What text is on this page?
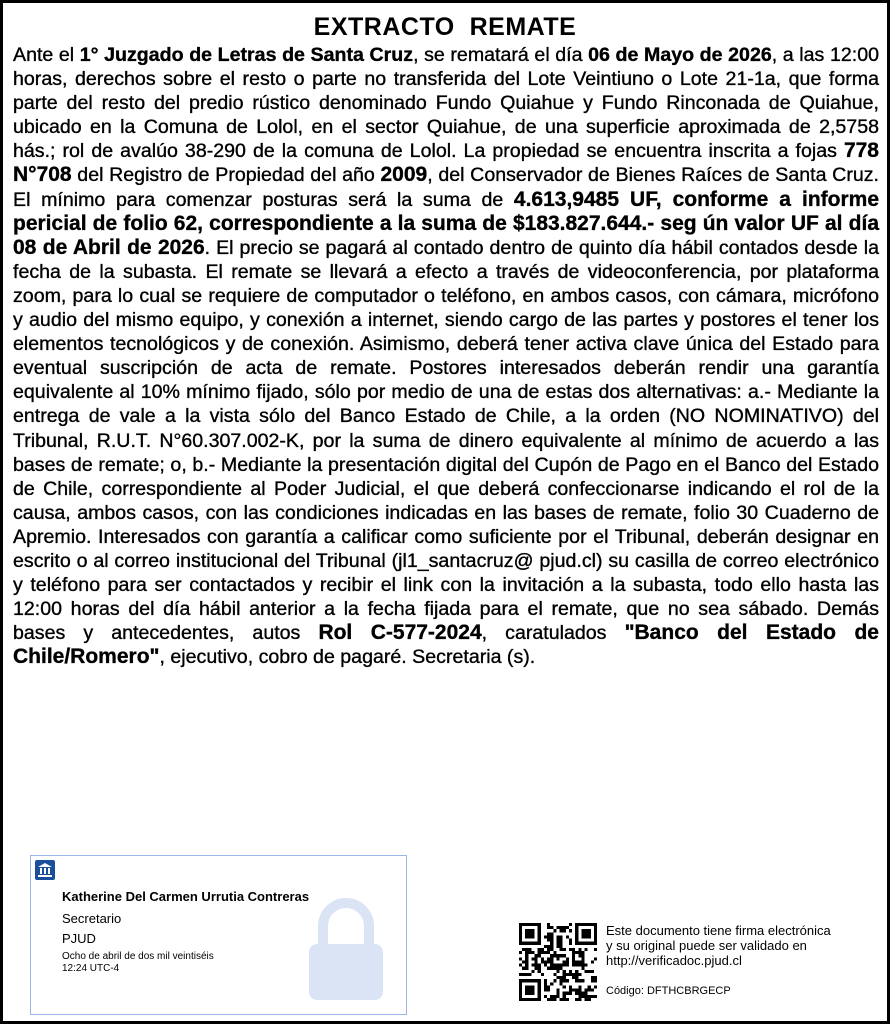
EXTRACTO  REMATE
Ante el 1° Juzgado de Letras de Santa Cruz, se rematará el día 06 de Mayo de 2026, a las 12:00 horas, derechos sobre el resto o parte no transferida del Lote Veintiuno o Lote 21-1a, que forma parte del resto del predio rústico denominado Fundo Quiahue y Fundo Rinconada de Quiahue, ubicado en la Comuna de Lolol, en el sector Quiahue, de una superficie aproximada de 2,5758 hás.; rol de avalúo 38-290 de la comuna de Lolol. La propiedad se encuentra inscrita a fojas 778 N°708 del Registro de Propiedad del año 2009, del Conservador de Bienes Raíces de Santa Cruz. El mínimo para comenzar posturas será la suma de 4.613,9485 UF, conforme a informe pericial de folio 62, correspondiente a la suma de $183.827.644.- seg ún valor UF al día 08 de Abril de 2026. El precio se pagará al contado dentro de quinto día hábil contados desde la fecha de la subasta. El remate se llevará a efecto a través de videoconferencia, por plataforma zoom, para lo cual se requiere de computador o teléfono, en ambos casos, con cámara, micrófono y audio del mismo equipo, y conexión a internet, siendo cargo de las partes y postores el tener los elementos tecnológicos y de conexión. Asimismo, deberá tener activa clave única del Estado para eventual suscripción de acta de remate. Postores interesados deberán rendir una garantía equivalente al 10% mínimo fijado, sólo por medio de una de estas dos alternativas: a.- Mediante la entrega de vale a la vista sólo del Banco Estado de Chile, a la orden (NO NOMINATIVO) del Tribunal, R.U.T. N°60.307.002-K, por la suma de dinero equivalente al mínimo de acuerdo a las bases de remate; o, b.- Mediante la presentación digital del Cupón de Pago en el Banco del Estado de Chile, correspondiente al Poder Judicial, el que deberá confeccionarse indicando el rol de la causa, ambos casos, con las condiciones indicadas en las bases de remate, folio 30 Cuaderno de Apremio. Interesados con garantía a calificar como suficiente por el Tribunal, deberán designar en escrito o al correo institucional del Tribunal (jl1_santacruz@ pjud.cl) su casilla de correo electrónico y teléfono para ser contactados y recibir el link con la invitación a la subasta, todo ello hasta las 12:00 horas del día hábil anterior a la fecha fijada para el remate, que no sea sábado. Demás bases y antecedentes, autos Rol C-577-2024, caratulados "Banco del Estado de Chile/Romero", ejecutivo, cobro de pagaré. Secretaria (s).
Katherine Del Carmen Urrutia Contreras
Secretario
PJUD
Ocho de abril de dos mil veintiséis
12:24 UTC-4
Este documento tiene firma electrónica
y su original puede ser validado en
http://verificadoc.pjud.cl
Código: DFTHCBRGECP
